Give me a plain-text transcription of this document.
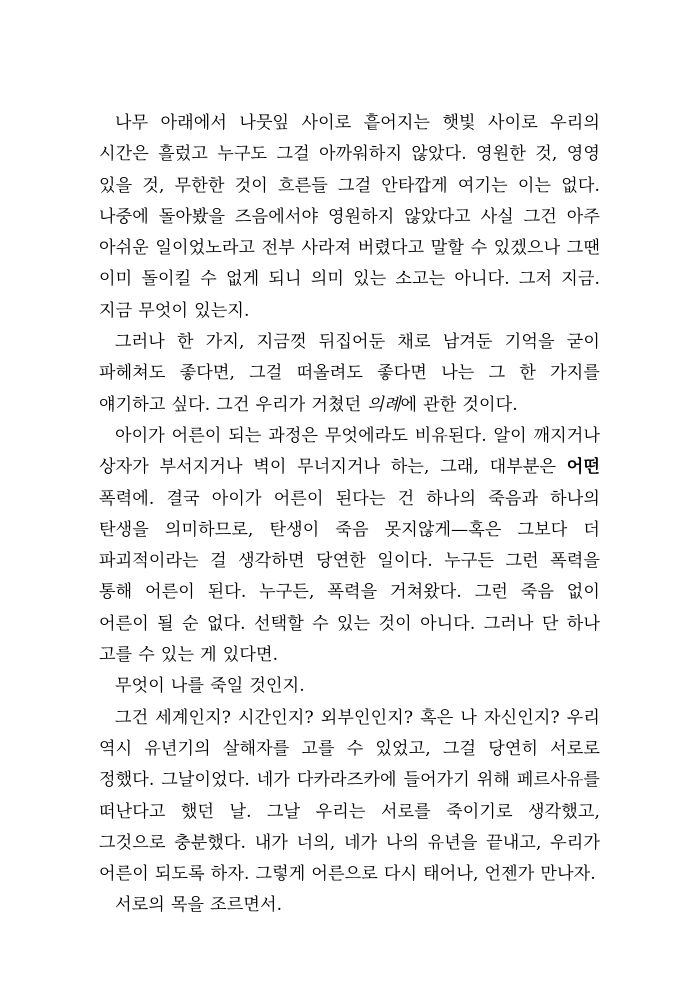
나무 아래에서 나뭇잎 사이로 흩어지는 햇빛 사이로 우리의 시간은 흘렀고 누구도 그걸 아까워하지 않았다. 영원한 것, 영영 있을 것, 무한한 것이 흐른들 그걸 안타깝게 여기는 이는 없다. 나중에 돌아봤을 즈음에서야 영원하지 않았다고 사실 그건 아주 아쉬운 일이었노라고 전부 사라져 버렸다고 말할 수 있겠으나 그땐 이미 돌이킬 수 없게 되니 의미 있는 소고는 아니다. 그저 지금. 지금 무엇이 있는지.

그러나 한 가지, 지금껏 뒤집어둔 채로 남겨둔 기억을 굳이 파헤쳐도 좋다면, 그걸 떠올려도 좋다면 나는 그 한 가지를 얘기하고 싶다. 그건 우리가 거쳤던 의례에 관한 것이다.

아이가 어른이 되는 과정은 무엇에라도 비유된다. 알이 깨지거나 상자가 부서지거나 벽이 무너지거나 하는, 그래, 대부분은 어떤 폭력에. 결국 아이가 어른이 된다는 건 하나의 죽음과 하나의 탄생을 의미하므로, 탄생이 죽음 못지않게—혹은 그보다 더 파괴적이라는 걸 생각하면 당연한 일이다. 누구든 그런 폭력을 통해 어른이 된다. 누구든, 폭력을 거쳐왔다. 그런 죽음 없이 어른이 될 순 없다. 선택할 수 있는 것이 아니다. 그러나 단 하나 고를 수 있는 게 있다면.

무엇이 나를 죽일 것인지.

그건 세계인지? 시간인지? 외부인인지? 혹은 나 자신인지? 우리 역시 유년기의 살해자를 고를 수 있었고, 그걸 당연히 서로로 정했다. 그날이었다. 네가 다카라즈카에 들어가기 위해 페르사유를 떠난다고 했던 날. 그날 우리는 서로를 죽이기로 생각했고, 그것으로 충분했다. 내가 너의, 네가 나의 유년을 끝내고, 우리가 어른이 되도록 하자. 그렇게 어른으로 다시 태어나, 언젠가 만나자.

서로의 목을 조르면서.
